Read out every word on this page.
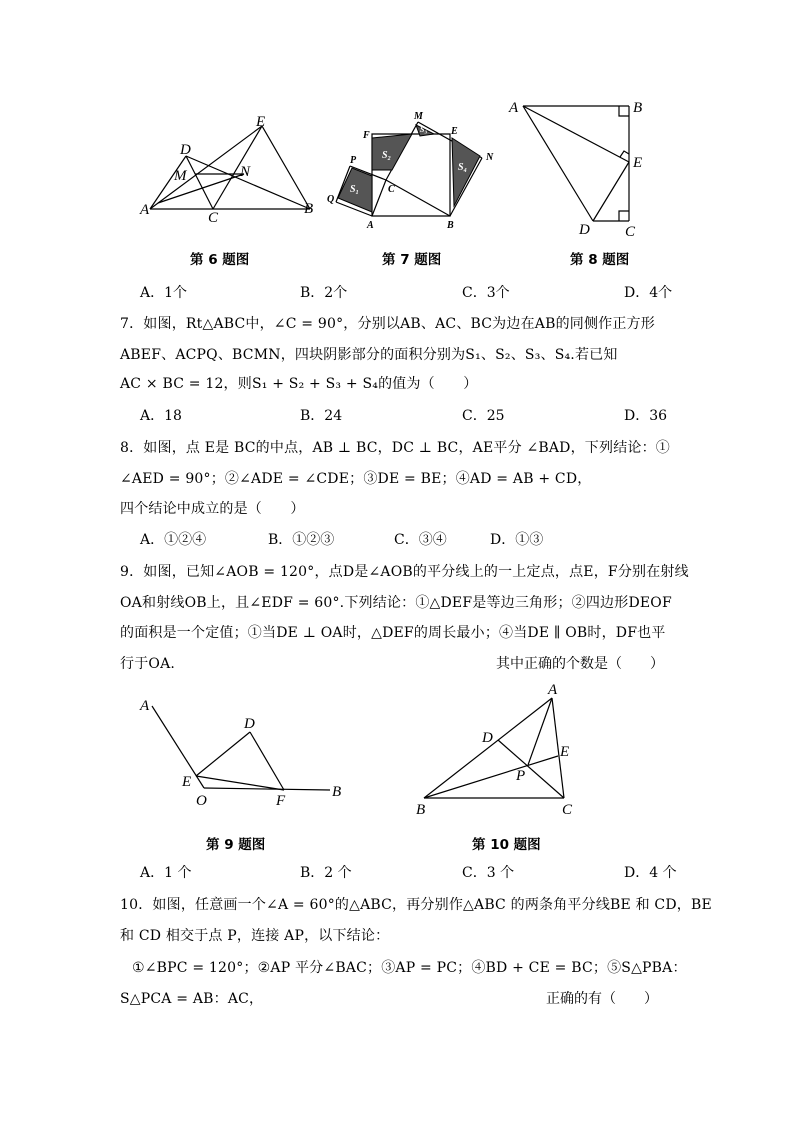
A	B
C
D
E
M	N
第 6 题图
M
E
F
N
P
Q
C
A	B
S₁
S₂
S₃
S₄
第 7 题图
A	B
E
D C
第 8 题图
A．1个	B．2个	C．3个	D．4个
7．如图，Rt△ABC中，∠C = 90°，分别以AB、AC、BC为边在AB的同侧作正方形
ABEF、ACPQ、BCMN，四块阴影部分的面积分别为S₁、S₂、S₃、S₄.若已知
AC × BC = 12，则S₁ + S₂ + S₃ + S₄的值为（　　）
A．18	B．24	C．25	D．36
8．如图，点 E是 BC的中点，AB ⊥ BC，DC ⊥ BC，AE平分 ∠BAD，下列结论：①
∠AED = 90°；②∠ADE = ∠CDE；③DE = BE；④AD = AB + CD，
四个结论中成立的是（　　）
A．①②④	B．①②③	C．③④	D．①③
9．如图，已知∠AOB = 120°，点D是∠AOB的平分线上的一上定点，点E，F分别在射线
OA和射线OB上，且∠EDF = 60°.下列结论：①△DEF是等边三角形；②四边形DEOF
的面积是一个定值；①当DE ⊥ OA时，△DEF的周长最小；④当DE ∥ OB时，DF也平
行于OA.	其中正确的个数是（　　）
A
D
E
O	F
B
第 9 题图
A
D
E
P
B	C
第 10 题图
A．1 个	B．2 个	C．3 个	D．4 个
10．如图，任意画一个∠A = 60°的△ABC，再分别作△ABC 的两条角平分线BE 和 CD，BE
和 CD 相交于点 P，连接 AP，以下结论：
①∠BPC = 120°；②AP 平分∠BAC；③AP = PC；④BD + CE = BC；⑤S△PBA：
S△PCA = AB：AC，	正确的有（　　）
